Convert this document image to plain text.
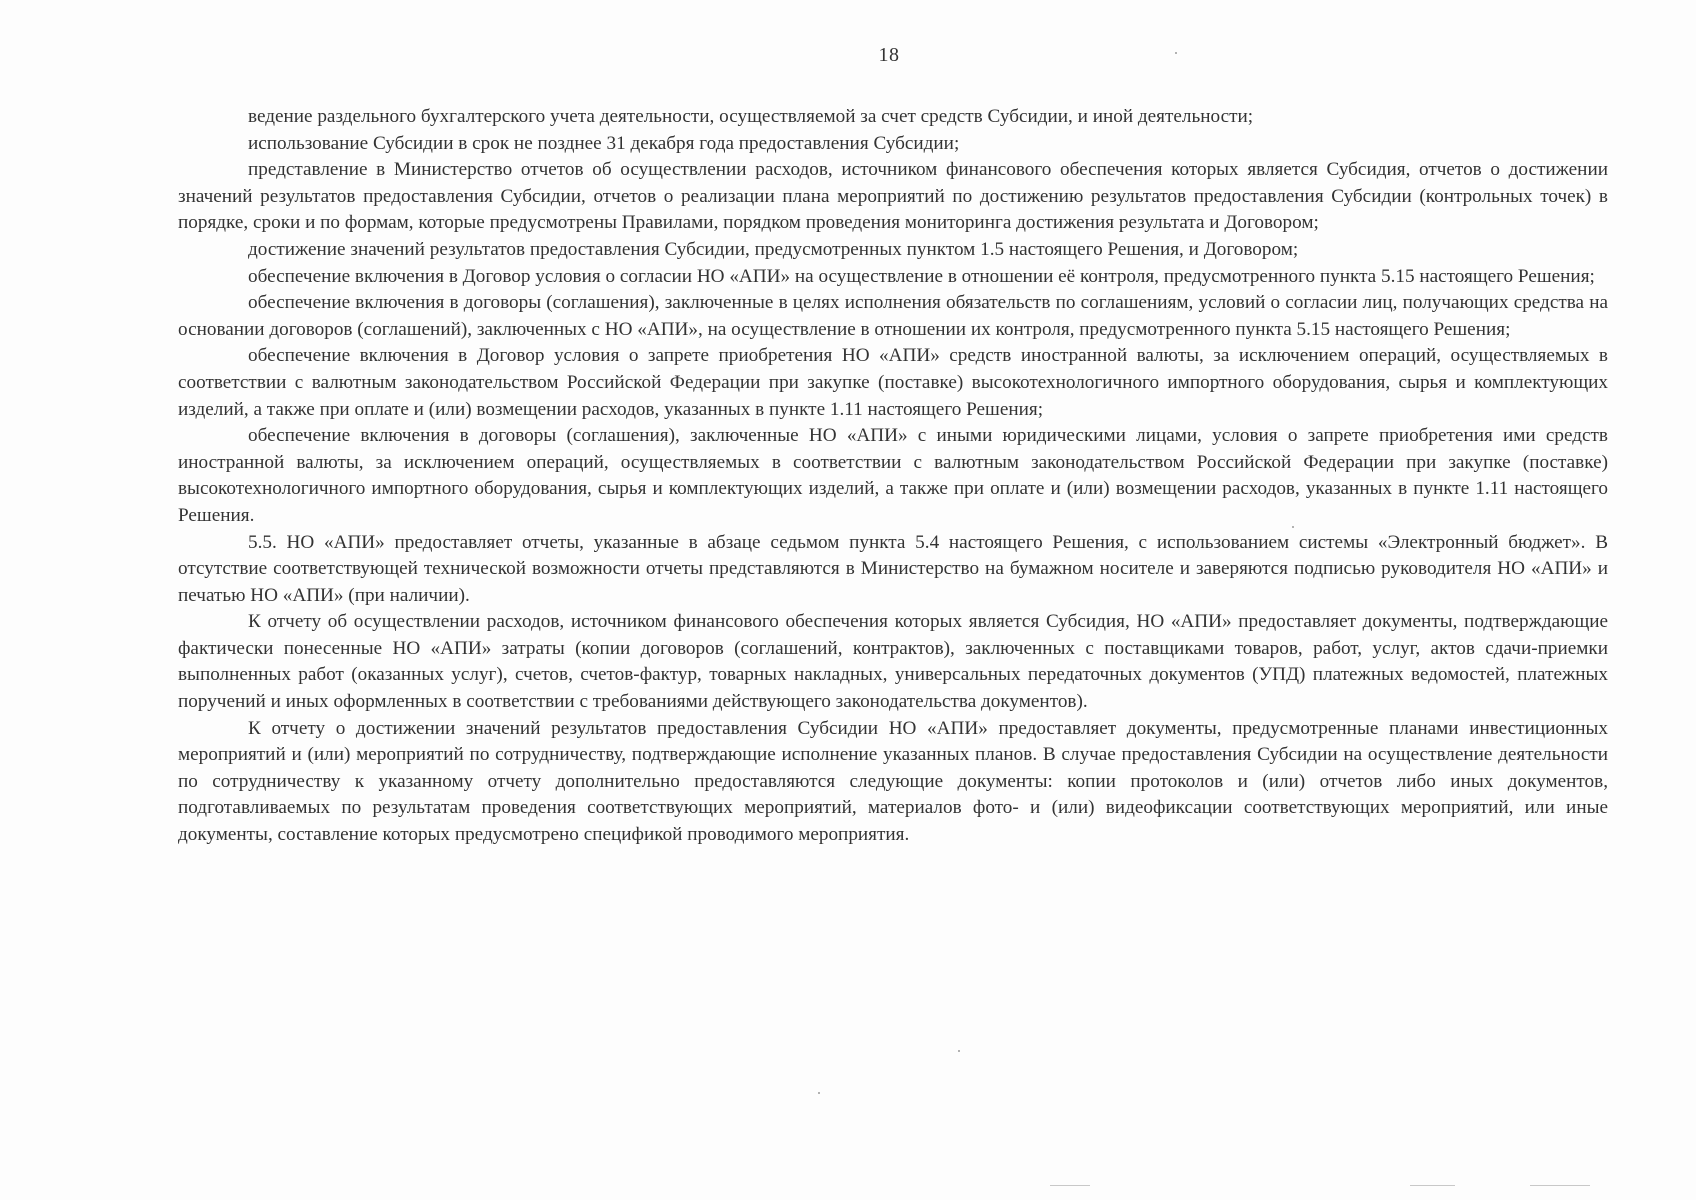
18

ведение раздельного бухгалтерского учета деятельности, осуществляемой за счет средств Субсидии, и иной деятельности;

использование Субсидии в срок не позднее 31 декабря года предоставления Субсидии;

представление в Министерство отчетов об осуществлении расходов, источником финансового обеспечения которых является Субсидия, отчетов о достижении значений результатов предоставления Субсидии, отчетов о реализации плана мероприятий по достижению результатов предоставления Субсидии (контрольных точек) в порядке, сроки и по формам, которые предусмотрены Правилами, порядком проведения мониторинга достижения результата и Договором;

достижение значений результатов предоставления Субсидии, предусмотренных пунктом 1.5 настоящего Решения, и Договором;

обеспечение включения в Договор условия о согласии НО «АПИ» на осуществление в отношении её контроля, предусмотренного пункта 5.15 настоящего Решения;

обеспечение включения в договоры (соглашения), заключенные в целях исполнения обязательств по соглашениям, условий о согласии лиц, получающих средства на основании договоров (соглашений), заключенных с НО «АПИ», на осуществление в отношении их контроля, предусмотренного пункта 5.15 настоящего Решения;

обеспечение включения в Договор условия о запрете приобретения НО «АПИ» средств иностранной валюты, за исключением операций, осуществляемых в соответствии с валютным законодательством Российской Федерации при закупке (поставке) высокотехнологичного импортного оборудования, сырья и комплектующих изделий, а также при оплате и (или) возмещении расходов, указанных в пункте 1.11 настоящего Решения;

обеспечение включения в договоры (соглашения), заключенные НО «АПИ» с иными юридическими лицами, условия о запрете приобретения ими средств иностранной валюты, за исключением операций, осуществляемых в соответствии с валютным законодательством Российской Федерации при закупке (поставке) высокотехнологичного импортного оборудования, сырья и комплектующих изделий, а также при оплате и (или) возмещении расходов, указанных в пункте 1.11 настоящего Решения.

5.5. НО «АПИ» предоставляет отчеты, указанные в абзаце седьмом пункта 5.4 настоящего Решения, с использованием системы «Электронный бюджет». В отсутствие соответствующей технической возможности отчеты представляются в Министерство на бумажном носителе и заверяются подписью руководителя НО «АПИ» и печатью НО «АПИ» (при наличии).

К отчету об осуществлении расходов, источником финансового обеспечения которых является Субсидия, НО «АПИ» предоставляет документы, подтверждающие фактически понесенные НО «АПИ» затраты (копии договоров (соглашений, контрактов), заключенных с поставщиками товаров, работ, услуг, актов сдачи-приемки выполненных работ (оказанных услуг), счетов, счетов-фактур, товарных накладных, универсальных передаточных документов (УПД) платежных ведомостей, платежных поручений и иных оформленных в соответствии с требованиями действующего законодательства документов).

К отчету о достижении значений результатов предоставления Субсидии НО «АПИ» предоставляет документы, предусмотренные планами инвестиционных мероприятий и (или) мероприятий по сотрудничеству, подтверждающие исполнение указанных планов. В случае предоставления Субсидии на осуществление деятельности по сотрудничеству к указанному отчету дополнительно предоставляются следующие документы: копии протоколов и (или) отчетов либо иных документов, подготавливаемых по результатам проведения соответствующих мероприятий, материалов фото- и (или) видеофиксации соответствующих мероприятий, или иные документы, составление которых предусмотрено спецификой проводимого мероприятия.
